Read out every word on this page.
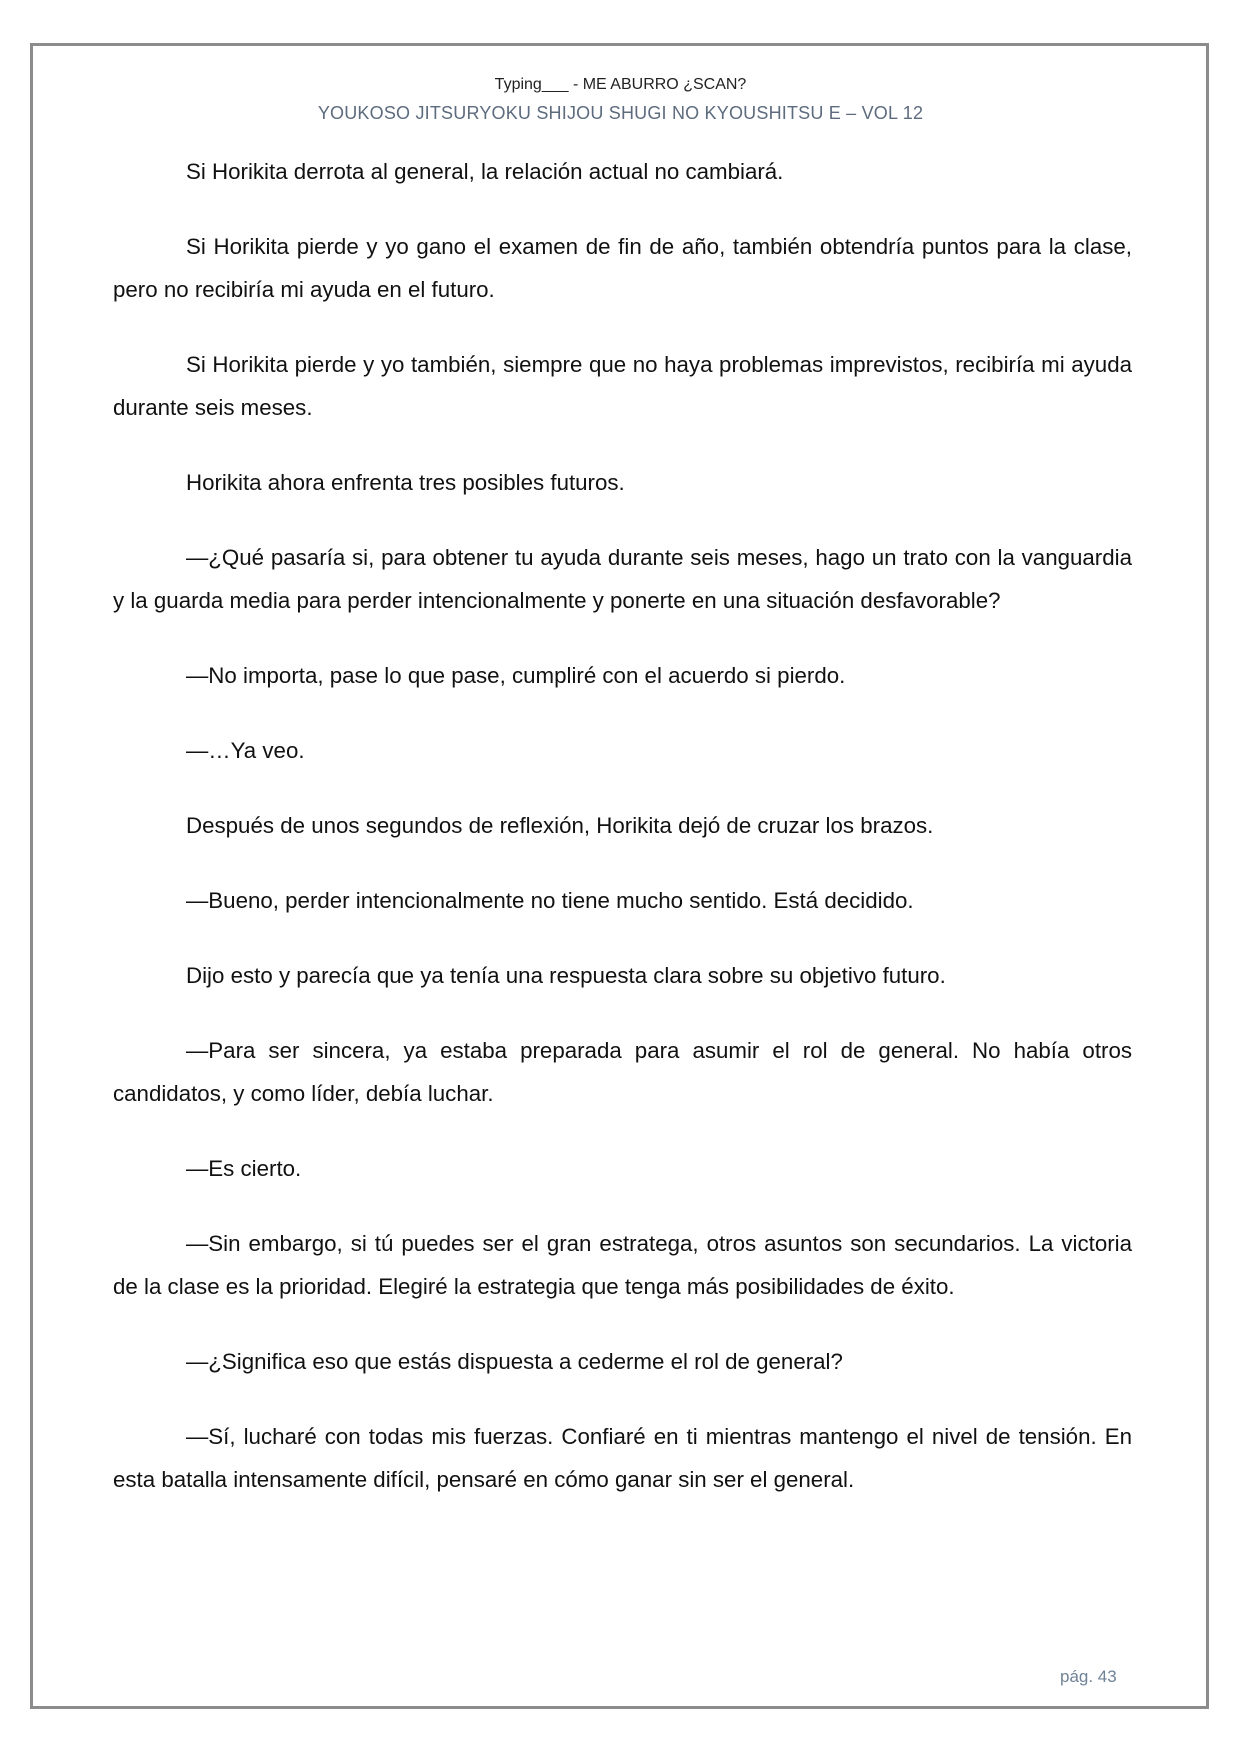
Typing___ - ME ABURRO ¿SCAN?
YOUKOSO JITSURYOKU SHIJOU SHUGI NO KYOUSHITSU E – VOL 12

Si Horikita derrota al general, la relación actual no cambiará.

Si Horikita pierde y yo gano el examen de fin de año, también obtendría puntos para la clase, pero no recibiría mi ayuda en el futuro.

Si Horikita pierde y yo también, siempre que no haya problemas imprevistos, recibiría mi ayuda durante seis meses.

Horikita ahora enfrenta tres posibles futuros.

—¿Qué pasaría si, para obtener tu ayuda durante seis meses, hago un trato con la vanguardia y la guarda media para perder intencionalmente y ponerte en una situación desfavorable?

—No importa, pase lo que pase, cumpliré con el acuerdo si pierdo.

—…Ya veo.

Después de unos segundos de reflexión, Horikita dejó de cruzar los brazos.

—Bueno, perder intencionalmente no tiene mucho sentido. Está decidido.

Dijo esto y parecía que ya tenía una respuesta clara sobre su objetivo futuro.

—Para ser sincera, ya estaba preparada para asumir el rol de general. No había otros candidatos, y como líder, debía luchar.

—Es cierto.

—Sin embargo, si tú puedes ser el gran estratega, otros asuntos son secundarios. La victoria de la clase es la prioridad. Elegiré la estrategia que tenga más posibilidades de éxito.

—¿Significa eso que estás dispuesta a cederme el rol de general?

—Sí, lucharé con todas mis fuerzas. Confiaré en ti mientras mantengo el nivel de tensión. En esta batalla intensamente difícil, pensaré en cómo ganar sin ser el general.

pág. 43
